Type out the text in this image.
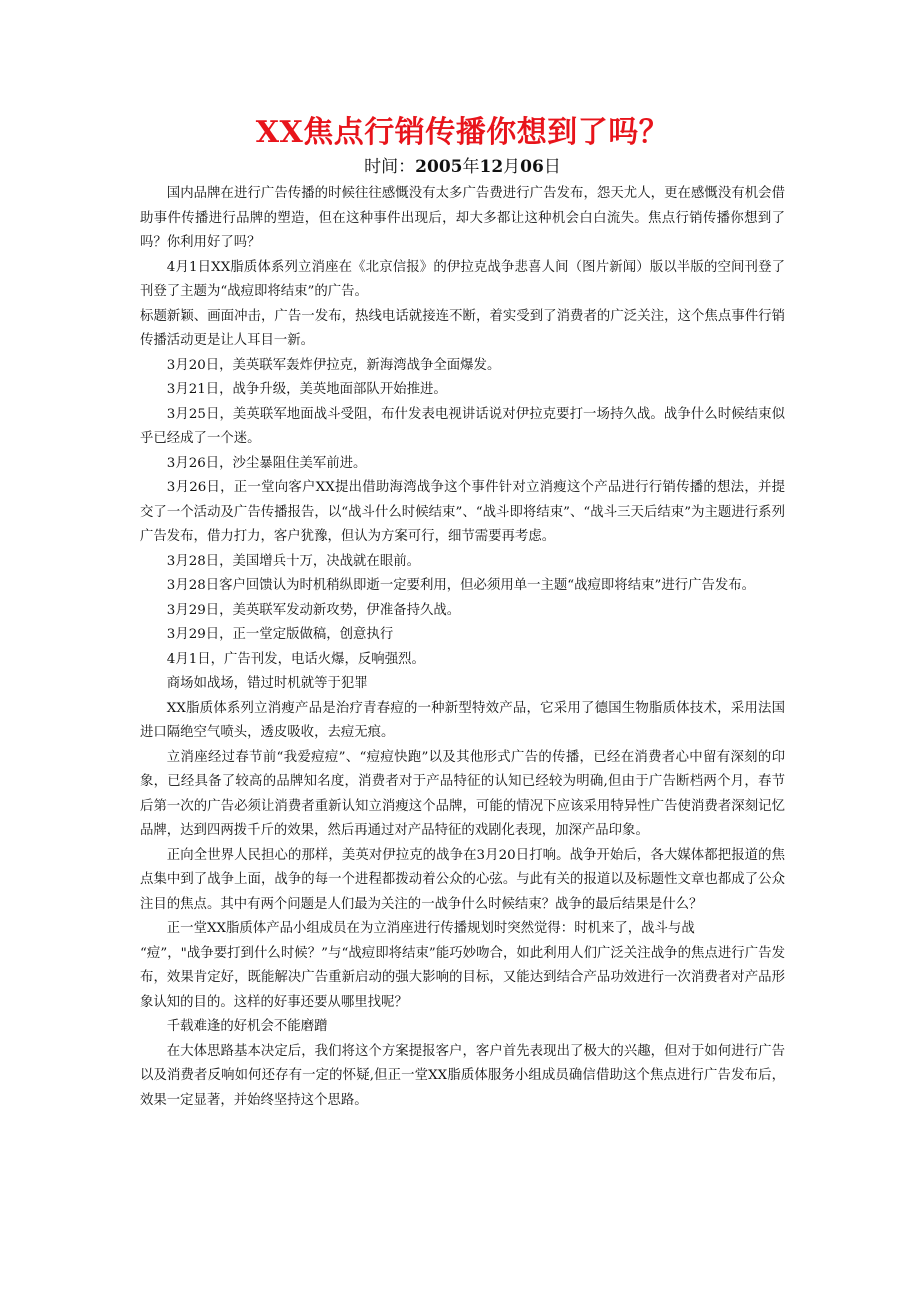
XX焦点行销传播你想到了吗？
时间：2005年12月06日

国内品牌在进行广告传播的时候往往感慨没有太多广告费进行广告发布，怨天尤人，更在感慨没有机会借助事件传播进行品牌的塑造，但在这种事件出现后，却大多都让这种机会白白流失。焦点行销传播你想到了吗？你利用好了吗？

4月1日XX脂质体系列立消座在《北京信报》的伊拉克战争悲喜人间（图片新闻）版以半版的空间刊登了刊登了主题为“战痘即将结束”的广告。

标题新颖、画面冲击，广告一发布，热线电话就接连不断，着实受到了消费者的广泛关注，这个焦点事件行销传播活动更是让人耳目一新。

3月20日，美英联军轰炸伊拉克，新海湾战争全面爆发。

3月21日，战争升级，美英地面部队开始推进。

3月25日，美英联军地面战斗受阻，布什发表电视讲话说对伊拉克要打一场持久战。战争什么时候结束似乎已经成了一个迷。

3月26日，沙尘暴阻住美军前进。

3月26日，正一堂向客户XX提出借助海湾战争这个事件针对立消瘦这个产品进行行销传播的想法，并提交了一个活动及广告传播报告，以“战斗什么时候结束”、“战斗即将结束”、“战斗三天后结束”为主题进行系列广告发布，借力打力，客户犹豫，但认为方案可行，细节需要再考虑。

3月28日，美国增兵十万，决战就在眼前。

3月28日客户回馈认为时机稍纵即逝一定要利用，但必须用单一主题“战痘即将结束”进行广告发布。

3月29日，美英联军发动新攻势，伊准备持久战。

3月29日，正一堂定版做稿，创意执行

4月1日，广告刊发，电话火爆，反响强烈。

商场如战场，错过时机就等于犯罪

XX脂质体系列立消瘦产品是治疗青春痘的一种新型特效产品，它采用了德国生物脂质体技术，采用法国进口隔绝空气喷头，透皮吸收，去痘无痕。

立消座经过春节前“我爱痘痘”、“痘痘快跑”以及其他形式广告的传播，已经在消费者心中留有深刻的印象，已经具备了较高的品牌知名度，消费者对于产品特征的认知已经较为明确,但由于广告断档两个月，春节后第一次的广告必须让消费者重新认知立消瘦这个品牌，可能的情况下应该采用特异性广告使消费者深刻记忆品牌，达到四两拨千斤的效果，然后再通过对产品特征的戏剧化表现，加深产品印象。

正向全世界人民担心的那样，美英对伊拉克的战争在3月20日打响。战争开始后，各大媒体都把报道的焦点集中到了战争上面，战争的每一个进程都拨动着公众的心弦。与此有关的报道以及标题性文章也都成了公众注目的焦点。其中有两个问题是人们最为关注的一战争什么时候结束？战争的最后结果是什么？

正一堂XX脂质体产品小组成员在为立消座进行传播规划时突然觉得：时机来了，战斗与战

“痘”，"战争要打到什么时候？”与“战痘即将结束”能巧妙吻合，如此利用人们广泛关注战争的焦点进行广告发布，效果肯定好，既能解决广告重新启动的强大影响的目标，又能达到结合产品功效进行一次消费者对产品形象认知的目的。这样的好事还要从哪里找呢？

千载难逢的好机会不能磨蹭

在大体思路基本决定后，我们将这个方案提报客户，客户首先表现出了极大的兴趣，但对于如何进行广告以及消费者反响如何还存有一定的怀疑,但正一堂XX脂质体服务小组成员确信借助这个焦点进行广告发布后，效果一定显著，并始终坚持这个思路。
